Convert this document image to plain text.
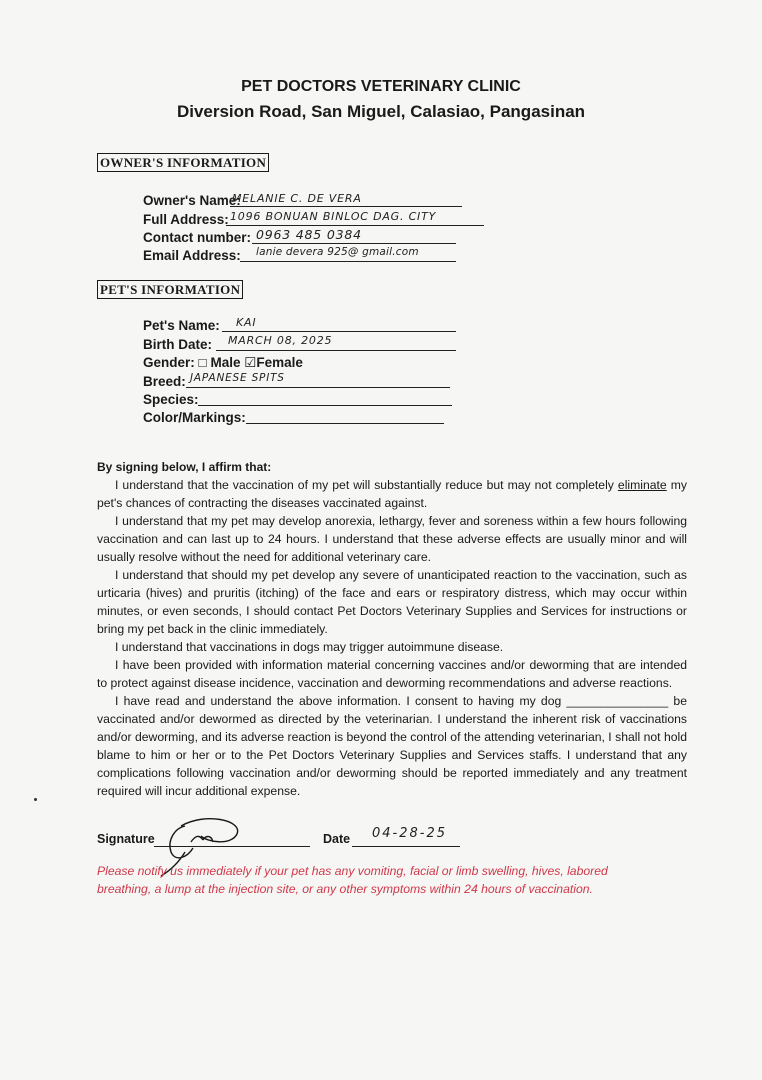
PET DOCTORS VETERINARY CLINIC
Diversion Road, San Miguel, Calasiao, Pangasinan
OWNER'S INFORMATION
Owner's Name:
MELANIE C. DE VERA
Full Address: 1096 BONUAN BINLOC DAG. CITY
Contact number: 0963 485 0384
Email Address: lanie devera 925@ gmail.com
PET'S INFORMATION
Pet's Name: KAI
Birth Date: MARCH 08, 2025
Gender: □ Male ☑Female
Breed: JAPANESE SPITS
Species:
Color/Markings:
By signing below, I affirm that:

I understand that the vaccination of my pet will substantially reduce but may not completely eliminate my pet's chances of contracting the diseases vaccinated against.

I understand that my pet may develop anorexia, lethargy, fever and soreness within a few hours following vaccination and can last up to 24 hours. I understand that these adverse effects are usually minor and will usually resolve without the need for additional veterinary care.

I understand that should my pet develop any severe of unanticipated reaction to the vaccination, such as urticaria (hives) and pruritis (itching) of the face and ears or respiratory distress, which may occur within minutes, or even seconds, I should contact Pet Doctors Veterinary Supplies and Services for instructions or bring my pet back in the clinic immediately.

I understand that vaccinations in dogs may trigger autoimmune disease.

I have been provided with information material concerning vaccines and/or deworming that are intended to protect against disease incidence, vaccination and deworming recommendations and adverse reactions.

I have read and understand the above information. I consent to having my dog _______________ be vaccinated and/or dewormed as directed by the veterinarian. I understand the inherent risk of vaccinations and/or deworming, and its adverse reaction is beyond the control of the attending veterinarian, I shall not hold blame to him or her or to the Pet Doctors Veterinary Supplies and Services staffs. I understand that any complications following vaccination and/or deworming should be reported immediately and any treatment required will incur additional expense.

Signature	Date 04-28-25
Please notify us immediately if your pet has any vomiting, facial or limb swelling, hives, labored breathing, a lump at the injection site, or any other symptoms within 24 hours of vaccination.
